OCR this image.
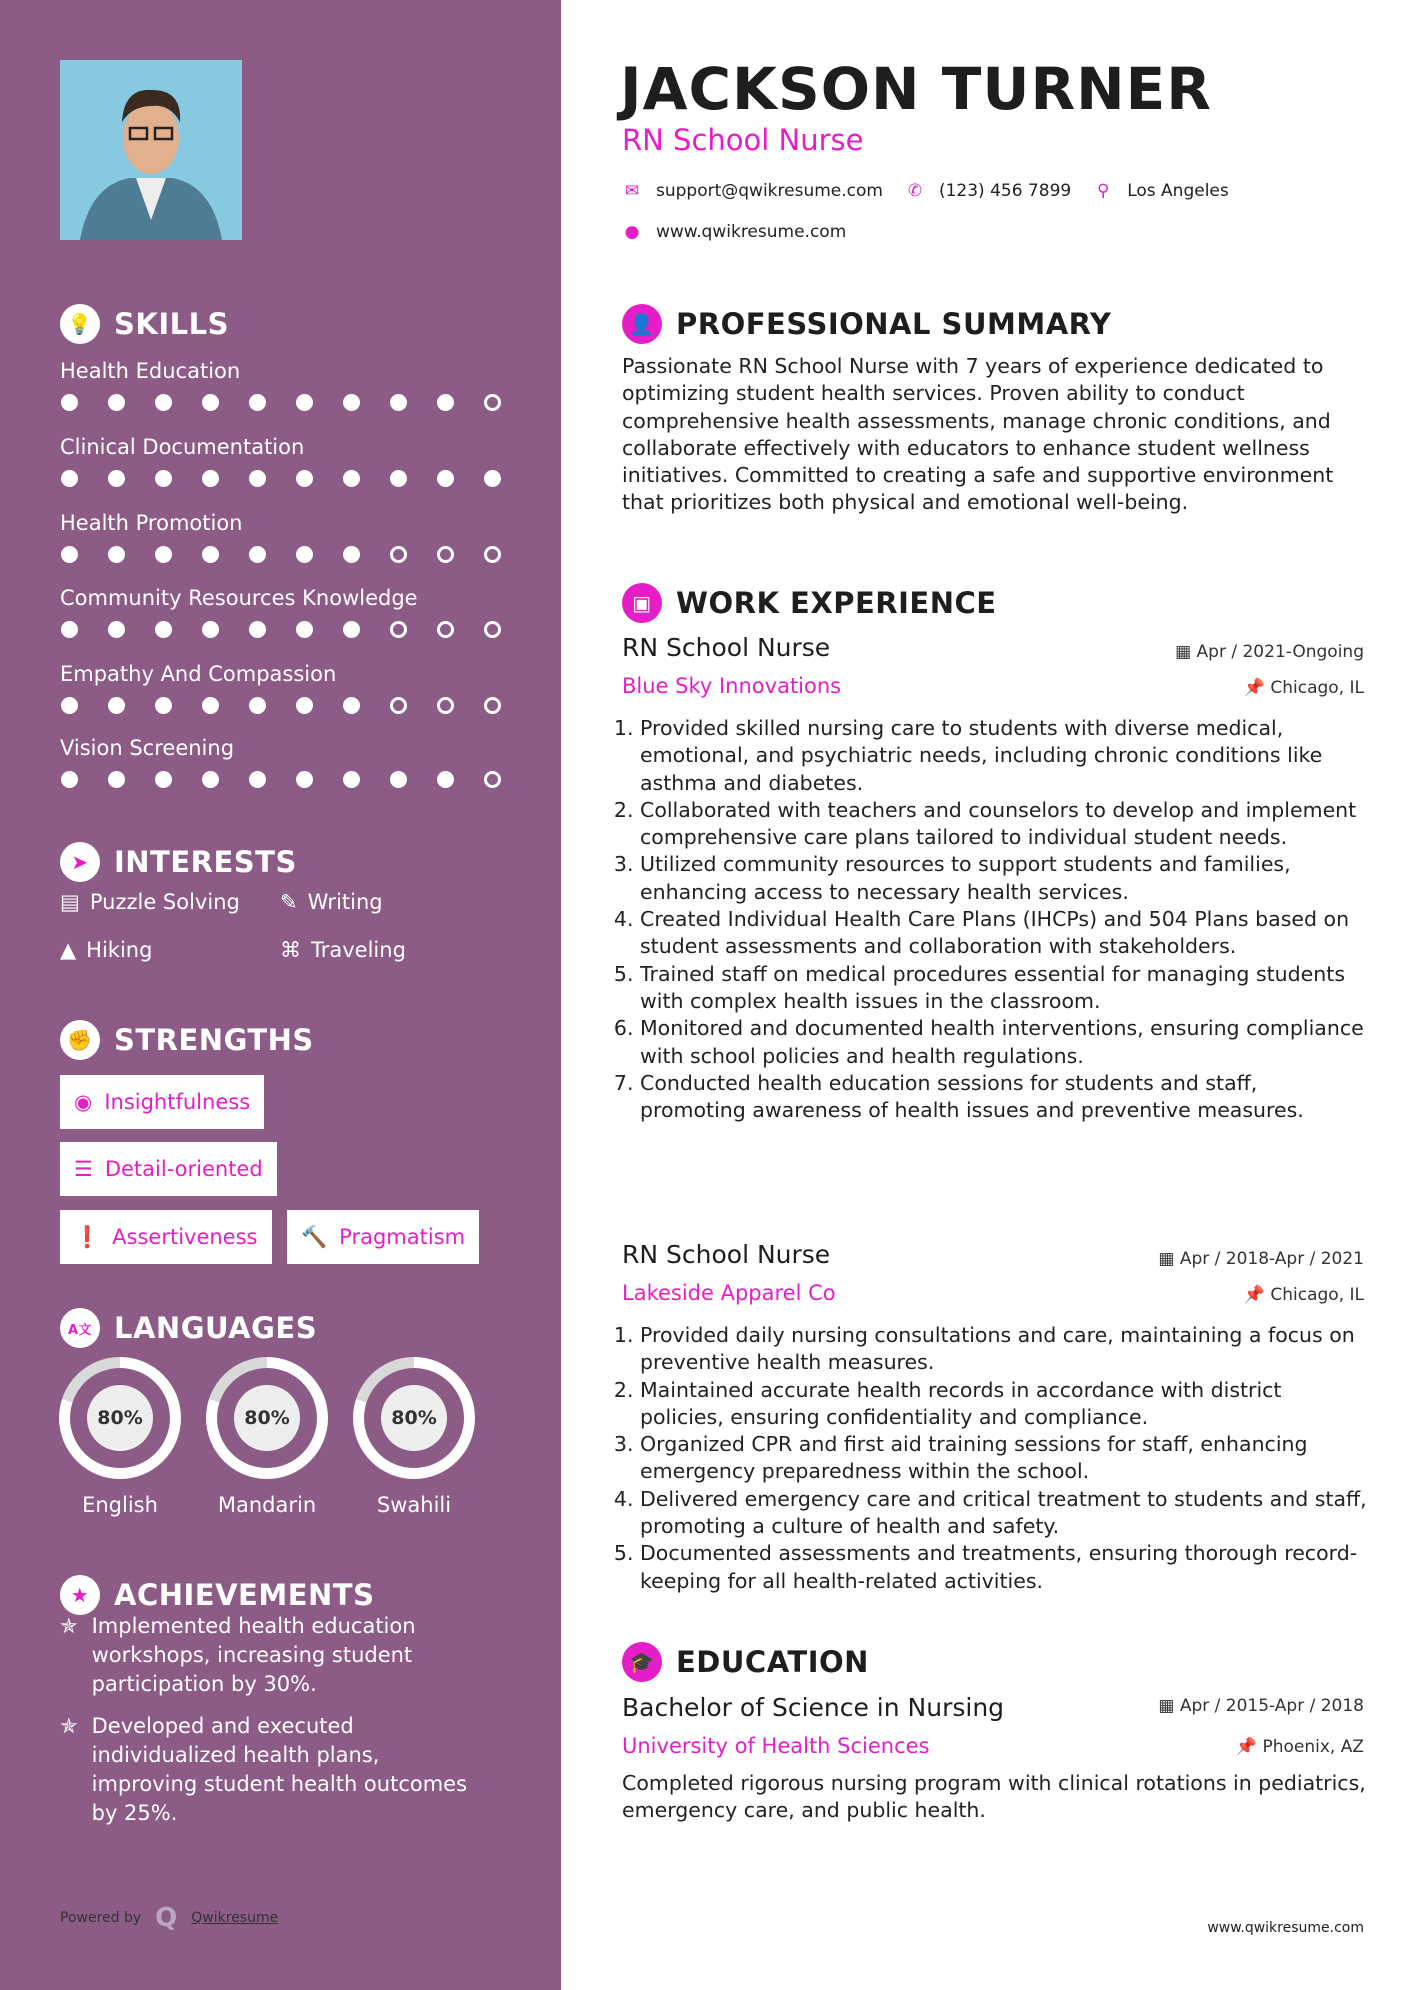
💡 SKILLS
Health Education
Clinical Documentation
Health Promotion
Community Resources Knowledge
Empathy And Compassion
Vision Screening
➤ INTERESTS
▤ Puzzle Solving ✎ Writing
▲ Hiking	⌘ Traveling
✊ STRENGTHS
◉ Insightfulness
☰ Detail-oriented
❗ Assertiveness 🔨 Pragmatism
A文 LANGUAGES
80%
English
80%
Mandarin
80%
Swahili
★ ACHIEVEMENTS
✯ Implemented health education workshops, increasing student participation by 30%.
✯ Developed and executed individualized health plans, improving student health outcomes by 25%.
Powered by Q Qwikresume
JACKSON TURNER
RN School Nurse
✉ support@qwikresume.com ✆ (123) 456 7899 ⚲ Los Angeles
● www.qwikresume.com
👤 PROFESSIONAL SUMMARY
Passionate RN School Nurse with 7 years of experience dedicated to optimizing student health services. Proven ability to conduct comprehensive health assessments, manage chronic conditions, and collaborate effectively with educators to enhance student wellness initiatives. Committed to creating a safe and supportive environment that prioritizes both physical and emotional well-being.
▣ WORK EXPERIENCE
RN School Nurse	▦ Apr / 2021-Ongoing
Blue Sky Innovations	📌 Chicago, IL
1. Provided skilled nursing care to students with diverse medical, emotional, and psychiatric needs, including chronic conditions like asthma and diabetes.
2. Collaborated with teachers and counselors to develop and implement comprehensive care plans tailored to individual student needs.
3. Utilized community resources to support students and families, enhancing access to necessary health services.
4. Created Individual Health Care Plans (IHCPs) and 504 Plans based on student assessments and collaboration with stakeholders.
5. Trained staff on medical procedures essential for managing students with complex health issues in the classroom.
6. Monitored and documented health interventions, ensuring compliance with school policies and health regulations.
7. Conducted health education sessions for students and staff, promoting awareness of health issues and preventive measures.
RN School Nurse	▦ Apr / 2018-Apr / 2021
Lakeside Apparel Co	📌 Chicago, IL
1. Provided daily nursing consultations and care, maintaining a focus on preventive health measures.
2. Maintained accurate health records in accordance with district policies, ensuring confidentiality and compliance.
3. Organized CPR and first aid training sessions for staff, enhancing emergency preparedness within the school.
4. Delivered emergency care and critical treatment to students and staff, promoting a culture of health and safety.
5. Documented assessments and treatments, ensuring thorough record-keeping for all health-related activities.
🎓 EDUCATION
Bachelor of Science in Nursing	▦ Apr / 2015-Apr / 2018
University of Health Sciences	📌 Phoenix, AZ
Completed rigorous nursing program with clinical rotations in pediatrics, emergency care, and public health.
www.qwikresume.com
